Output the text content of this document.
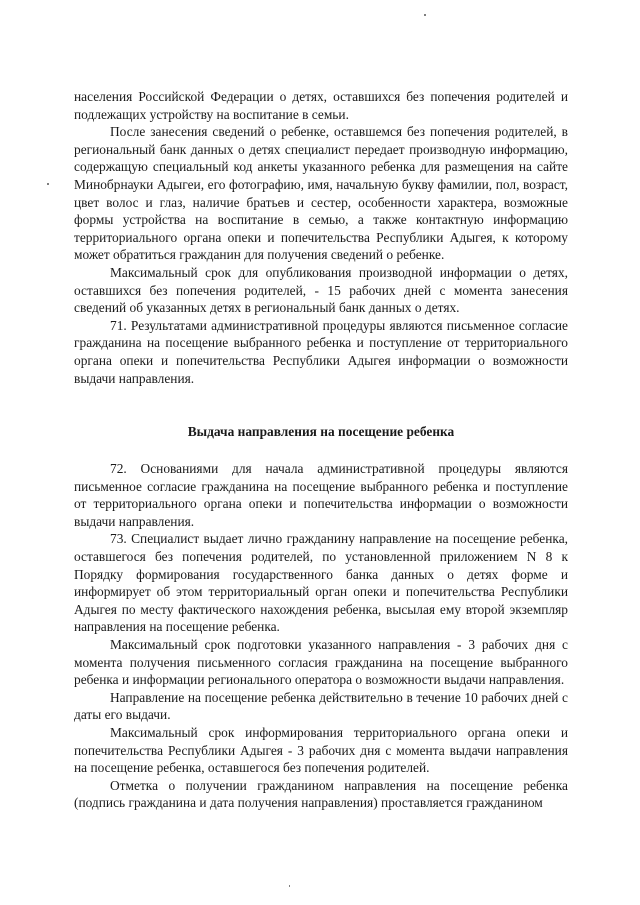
населения Российской Федерации о детях, оставшихся без попечения родителей и подлежащих устройству на воспитание в семьи.

После занесения сведений о ребенке, оставшемся без попечения родителей, в региональный банк данных о детях специалист передает производную информацию, содержащую специальный код анкеты указанного ребенка для размещения на сайте Минобрнауки Адыгеи, его фотографию, имя, начальную букву фамилии, пол, возраст, цвет волос и глаз, наличие братьев и сестер, особенности характера, возможные формы устройства на воспитание в семью, а также контактную информацию территориального органа опеки и попечительства Республики Адыгея, к которому может обратиться гражданин для получения сведений о ребенке.

Максимальный срок для опубликования производной информации о детях, оставшихся без попечения родителей, - 15 рабочих дней с момента занесения сведений об указанных детях в региональный банк данных о детях.

71. Результатами административной процедуры являются письменное согласие гражданина на посещение выбранного ребенка и поступление от территориального органа опеки и попечительства Республики Адыгея информации о возможности выдачи направления.

Выдача направления на посещение ребенка

72. Основаниями для начала административной процедуры являются письменное согласие гражданина на посещение выбранного ребенка и поступление от территориального органа опеки и попечительства информации о возможности выдачи направления.

73. Специалист выдает лично гражданину направление на посещение ребенка, оставшегося без попечения родителей, по установленной приложением N 8 к Порядку формирования государственного банка данных о детях форме и информирует об этом территориальный орган опеки и попечительства Республики Адыгея по месту фактического нахождения ребенка, высылая ему второй экземпляр направления на посещение ребенка.

Максимальный срок подготовки указанного направления - 3 рабочих дня с момента получения письменного согласия гражданина на посещение выбранного ребенка и информации регионального оператора о возможности выдачи направления.

Направление на посещение ребенка действительно в течение 10 рабочих дней с даты его выдачи.

Максимальный срок информирования территориального органа опеки и попечительства Республики Адыгея - 3 рабочих дня с момента выдачи направления на посещение ребенка, оставшегося без попечения родителей.

Отметка о получении гражданином направления на посещение ребенка (подпись гражданина и дата получения направления) проставляется гражданином
